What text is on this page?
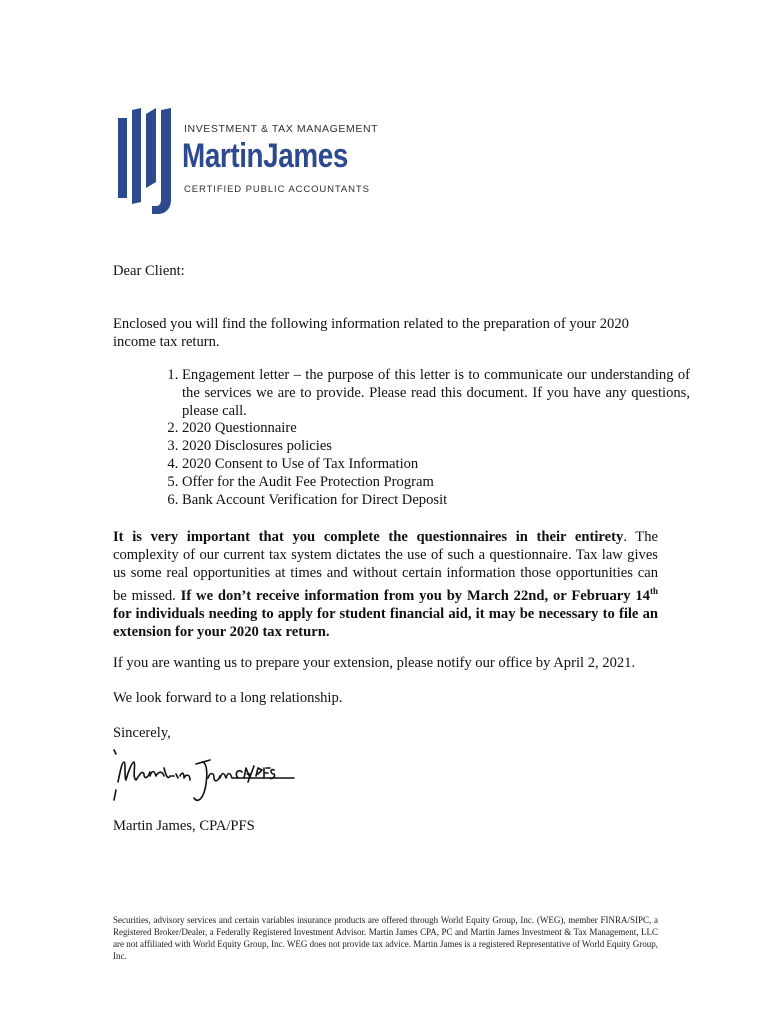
INVESTMENT & TAX MANAGEMENT
MartinJames
CERTIFIED PUBLIC ACCOUNTANTS
Dear Client:
Enclosed you will find the following information related to the preparation of your 2020 income tax return.
1. Engagement letter – the purpose of this letter is to communicate our understanding of the services we are to provide. Please read this document. If you have any questions, please call.
2. 2020 Questionnaire
3. 2020 Disclosures policies
4. 2020 Consent to Use of Tax Information
5. Offer for the Audit Fee Protection Program
6. Bank Account Verification for Direct Deposit
It is very important that you complete the questionnaires in their entirety. The complexity of our current tax system dictates the use of such a questionnaire. Tax law gives us some real opportunities at times and without certain information those opportunities can be missed. If we don’t receive information from you by March 22nd, or February 14th for individuals needing to apply for student financial aid, it may be necessary to file an extension for your 2020 tax return.
If you are wanting us to prepare your extension, please notify our office by April 2, 2021.
We look forward to a long relationship.
Sincerely,
Martin James, CPA/PFS
Securities, advisory services and certain variables insurance products are offered through World Equity Group, Inc. (WEG), member FINRA/SIPC, a Registered Broker/Dealer, a Federally Registered Investment Advisor. Martin James CPA, PC and Martin James Investment & Tax Management, LLC are not affiliated with World Equity Group, Inc. WEG does not provide tax advice. Martin James is a registered Representative of World Equity Group, Inc.
